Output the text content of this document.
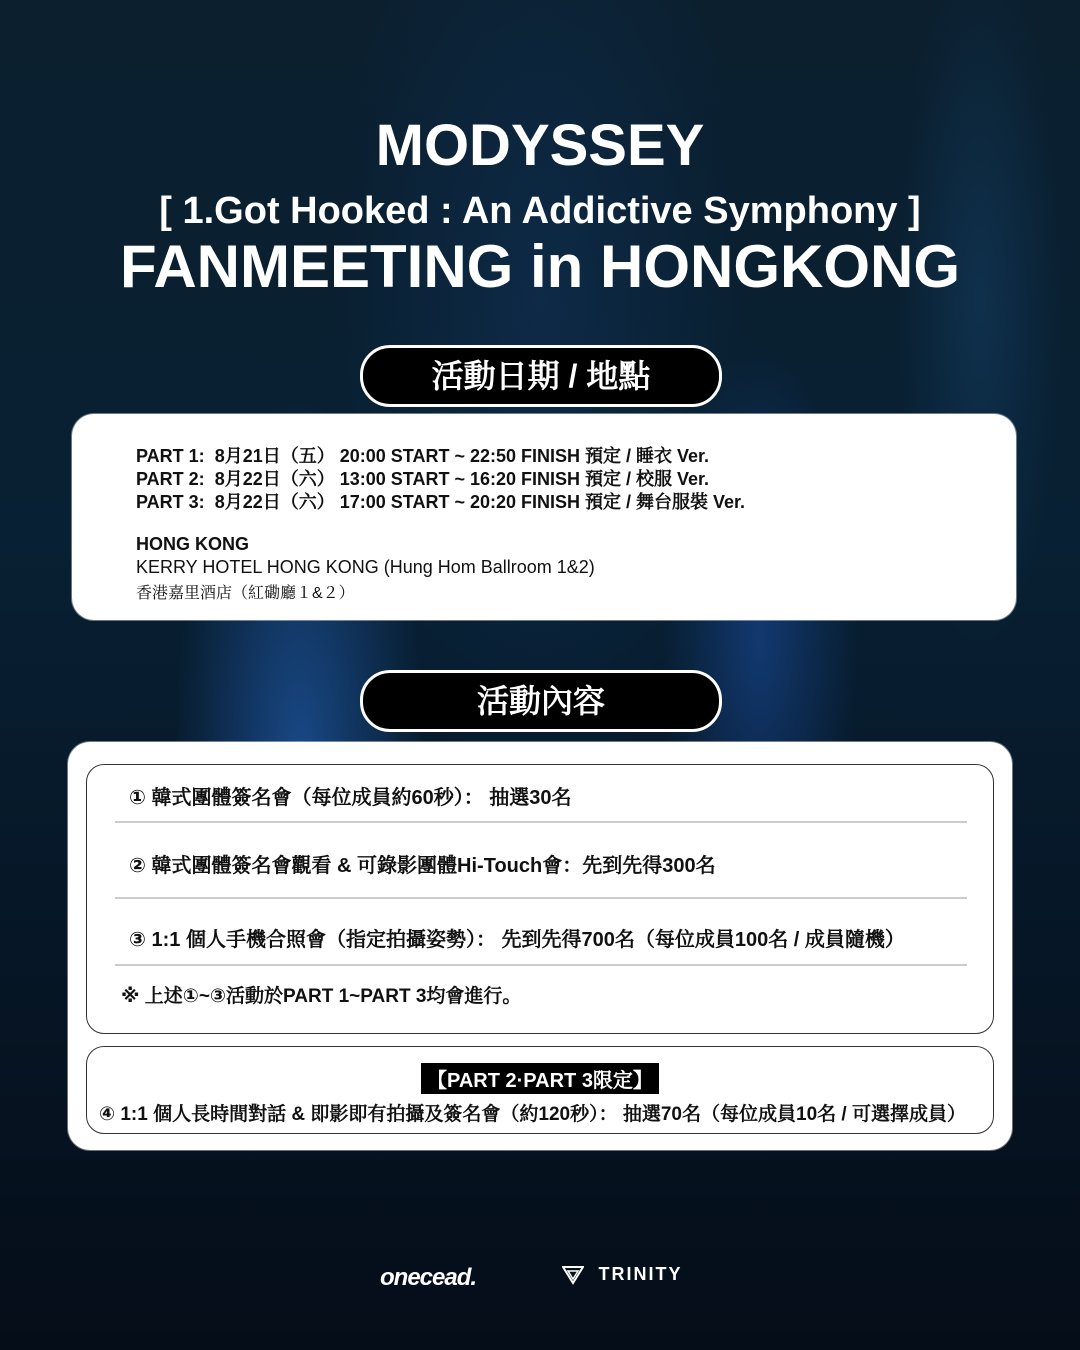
MODYSSEY
[ 1.Got Hooked : An Addictive Symphony ]
FANMEETING in HONGKONG
活動日期 / 地點
PART 1: 8月21日（五） 20:00 START ~ 22:50 FINISH 預定 / 睡衣 Ver.
PART 2: 8月22日（六） 13:00 START ~ 16:20 FINISH 預定 / 校服 Ver.
PART 3: 8月22日（六） 17:00 START ~ 20:20 FINISH 預定 / 舞台服裝 Ver.
HONG KONG
KERRY HOTEL HONG KONG (Hung Hom Ballroom 1&2)
香港嘉里酒店（紅磡廳１&２）
活動內容
① 韓式團體簽名會（每位成員約60秒）： 抽選30名
② 韓式團體簽名會觀看 & 可錄影團體Hi-Touch會：先到先得300名
③ 1:1 個人手機合照會（指定拍攝姿勢）： 先到先得700名（每位成員100名 / 成員隨機）
※ 上述①~③活動於PART 1~PART 3均會進行。
【PART 2·PART 3限定】
④ 1:1 個人長時間對話 & 即影即有拍攝及簽名會（約120秒）： 抽選70名（每位成員10名 / 可選擇成員）
onecead.	TRINITY
